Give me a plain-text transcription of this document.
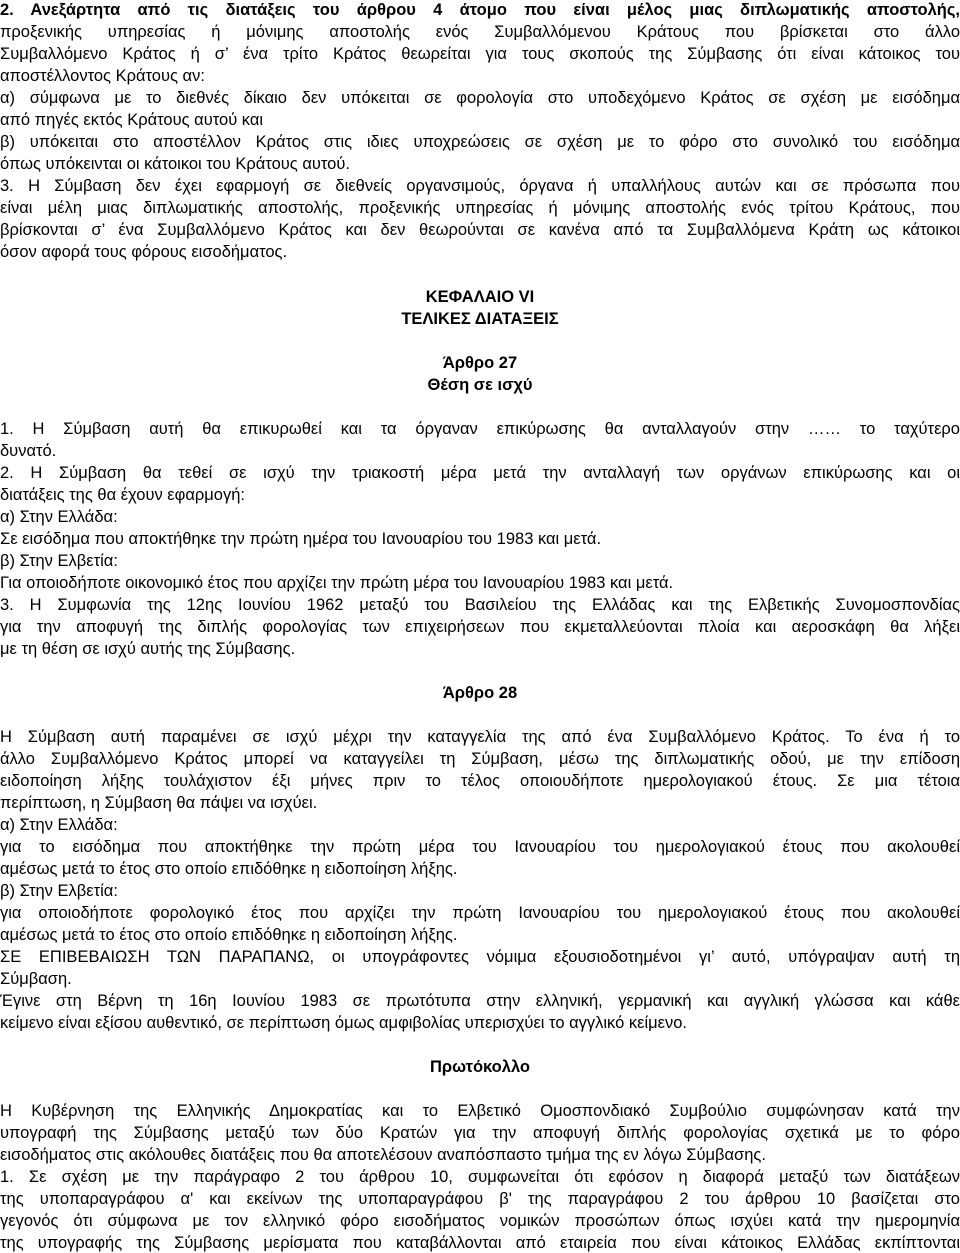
2. Ανεξάρτητα από τις διατάξεις του άρθρου 4 άτομο που είναι μέλος μιας διπλωματικής αποστολής,
προξενικής υπηρεσίας ή μόνιμης αποστολής ενός Συμβαλλόμενου Κράτους που βρίσκεται στο άλλο
Συμβαλλόμενο Κράτος ή σ’ ένα τρίτο Κράτος θεωρείται για τους σκοπούς της Σύμβασης ότι είναι κάτοικος του
αποστέλλοντος Κράτους αν:
α) σύμφωνα με το διεθνές δίκαιο δεν υπόκειται σε φορολογία στο υποδεχόμενο Κράτος σε σχέση με εισόδημα
από πηγές εκτός Κράτους αυτού και
β) υπόκειται στο αποστέλλον Κράτος στις ιδιες υποχρεώσεις σε σχέση με το φόρο στο συνολικό του εισόδημα
όπως υπόκεινται οι κάτοικοι του Κράτους αυτού.
3. Η Σύμβαση δεν έχει εφαρμογή σε διεθνείς οργανσιμούς, όργανα ή υπαλλήλους αυτών και σε πρόσωπα που
είναι μέλη μιας διπλωματικής αποστολής, προξενικής υπηρεσίας ή μόνιμης αποστολής ενός τρίτου Κράτους, που
βρίσκονται σ’ ένα Συμβαλλόμενο Κράτος και δεν θεωρούνται σε κανένα από τα Συμβαλλόμενα Κράτη ως κάτοικοι
όσον αφορά τους φόρους εισοδήματος.
ΚΕΦΑΛΑΙΟ VI
ΤΕΛΙΚΕΣ ΔΙΑΤΑΞΕΙΣ
Άρθρο 27
Θέση σε ισχύ
1. Η Σύμβαση αυτή θα επικυρωθεί και τα όργαναν επικύρωσης θα ανταλλαγούν στην …… το ταχύτερο
δυνατό.
2. Η Σύμβαση θα τεθεί σε ισχύ την τριακοστή μέρα μετά την ανταλλαγή των οργάνων επικύρωσης και οι
διατάξεις της θα έχουν εφαρμογή:
α) Στην Ελλάδα:
Σε εισόδημα που αποκτήθηκε την πρώτη ημέρα του Ιανουαρίου του 1983 και μετά.
β) Στην Ελβετία:
Για οποιοδήποτε οικονομικό έτος που αρχίζει την πρώτη μέρα του Ιανουαρίου 1983 και μετά.
3. Η Συμφωνία της 12ης Ιουνίου 1962 μεταξύ του Βασιλείου της Ελλάδας και της Ελβετικής Συνομοσπονδίας
για την αποφυγή της διπλής φορολογίας των επιχειρήσεων που εκμεταλλεύονται πλοία και αεροσκάφη θα λήξει
με τη θέση σε ισχύ αυτής της Σύμβασης.
Άρθρο 28
Η Σύμβαση αυτή παραμένει σε ισχύ μέχρι την καταγγελία της από ένα Συμβαλλόμενο Κράτος. Το ένα ή το
άλλο Συμβαλλόμενο Κράτος μπορεί να καταγγείλει τη Σύμβαση, μέσω της διπλωματικής οδού, με την επίδοση
ειδοποίηση λήξης τουλάχιστον έξι μήνες πριν το τέλος οποιουδήποτε ημερολογιακού έτους. Σε μια τέτοια
περίπτωση, η Σύμβαση θα πάψει να ισχύει.
α) Στην Ελλάδα:
για το εισόδημα που αποκτήθηκε την πρώτη μέρα του Ιανουαρίου του ημερολογιακού έτους που ακολουθεί
αμέσως μετά το έτος στο οποίο επιδόθηκε η ειδοποίηση λήξης.
β) Στην Ελβετία:
για οποιοδήποτε φορολογικό έτος που αρχίζει την πρώτη Ιανουαρίου του ημερολογιακού έτους που ακολουθεί
αμέσως μετά το έτος στο οποίο επιδόθηκε η ειδοποίηση λήξης.
ΣΕ ΕΠΙΒΕΒΑΙΩΣΗ ΤΩΝ ΠΑΡΑΠΑΝΩ, οι υπογράφοντες νόμιμα εξουσιοδοτημένοι γι’ αυτό, υπόγραψαν αυτή τη
Σύμβαση.
Έγινε στη Βέρνη τη 16η Ιουνίου 1983 σε πρωτότυπα στην ελληνική, γερμανική και αγγλική γλώσσα και κάθε
κείμενο είναι εξίσου αυθεντικό, σε περίπτωση όμως αμφιβολίας υπερισχύει το αγγλικό κείμενο.
Πρωτόκολλο
Η Κυβέρνηση της Ελληνικής Δημοκρατίας και το Ελβετικό Ομοσπονδιακό Συμβούλιο συμφώνησαν κατά την
υπογραφή της Σύμβασης μεταξύ των δύο Κρατών για την αποφυγή διπλής φορολογίας σχετικά με το φόρο
εισοδήματος στις ακόλουθες διατάξεις που θα αποτελέσουν αναπόσπαστο τμήμα της εν λόγω Σύμβασης.
1. Σε σχέση με την παράγραφο 2 του άρθρου 10, συμφωνείται ότι εφόσον η διαφορά μεταξύ των διατάξεων
της υποπαραγράφου α' και εκείνων της υποπαραγράφου β' της παραγράφου 2 του άρθρου 10 βασίζεται στο
γεγονός ότι σύμφωνα με τον ελληνικό φόρο εισοδήματος νομικών προσώπων όπως ισχύει κατά την ημερομηνία
της υπογραφής της Σύμβασης μερίσματα που καταβάλλονται από εταιρεία που είναι κάτοικος Ελλάδας εκπίπτονται
